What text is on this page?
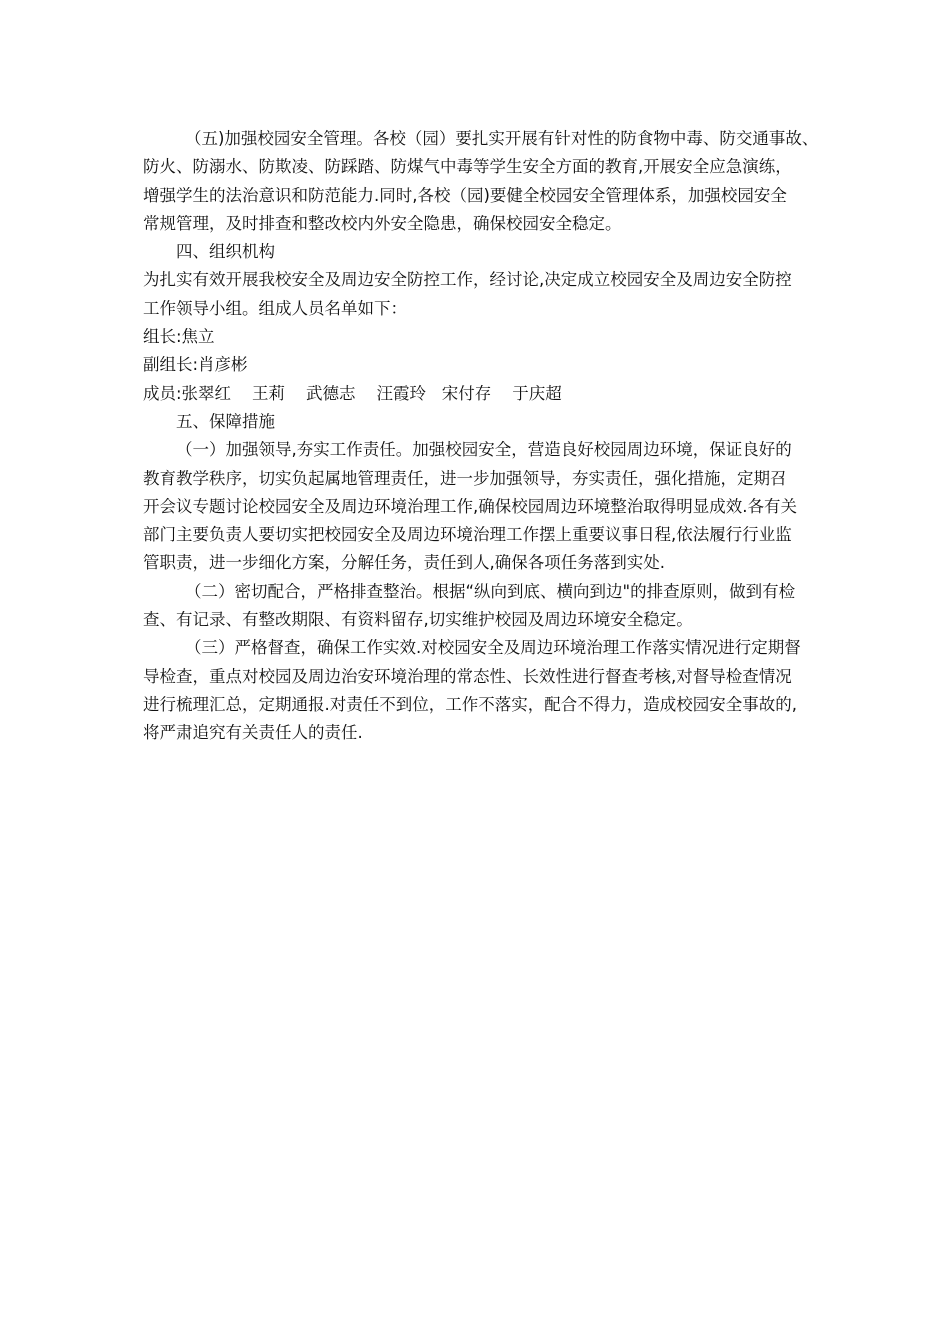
（五)加强校园安全管理。各校（园）要扎实开展有针对性的防食物中毒、防交通事故、
防火、防溺水、防欺凌、防踩踏、防煤气中毒等学生安全方面的教育,开展安全应急演练，
增强学生的法治意识和防范能力.同时,各校（园)要健全校园安全管理体系，加强校园安全
常规管理，及时排查和整改校内外安全隐患，确保校园安全稳定。
四、组织机构
为扎实有效开展我校安全及周边安全防控工作，经讨论,决定成立校园安全及周边安全防控
工作领导小组。组成人员名单如下：
组长:焦立
副组长:肖彦彬
成员:张翠红    王莉    武德志    汪霞玲   宋付存    于庆超
五、保障措施
（一）加强领导,夯实工作责任。加强校园安全，营造良好校园周边环境，保证良好的
教育教学秩序，切实负起属地管理责任，进一步加强领导，夯实责任，强化措施，定期召
开会议专题讨论校园安全及周边环境治理工作,确保校园周边环境整治取得明显成效.各有关
部门主要负责人要切实把校园安全及周边环境治理工作摆上重要议事日程,依法履行行业监
管职责，进一步细化方案，分解任务，责任到人,确保各项任务落到实处.
（二）密切配合，严格排查整治。根据“纵向到底、横向到边"的排查原则，做到有检
查、有记录、有整改期限、有资料留存,切实维护校园及周边环境安全稳定。
（三）严格督查，确保工作实效.对校园安全及周边环境治理工作落实情况进行定期督
导检查，重点对校园及周边治安环境治理的常态性、长效性进行督查考核,对督导检查情况
进行梳理汇总，定期通报.对责任不到位，工作不落实，配合不得力，造成校园安全事故的,
将严肃追究有关责任人的责任.
